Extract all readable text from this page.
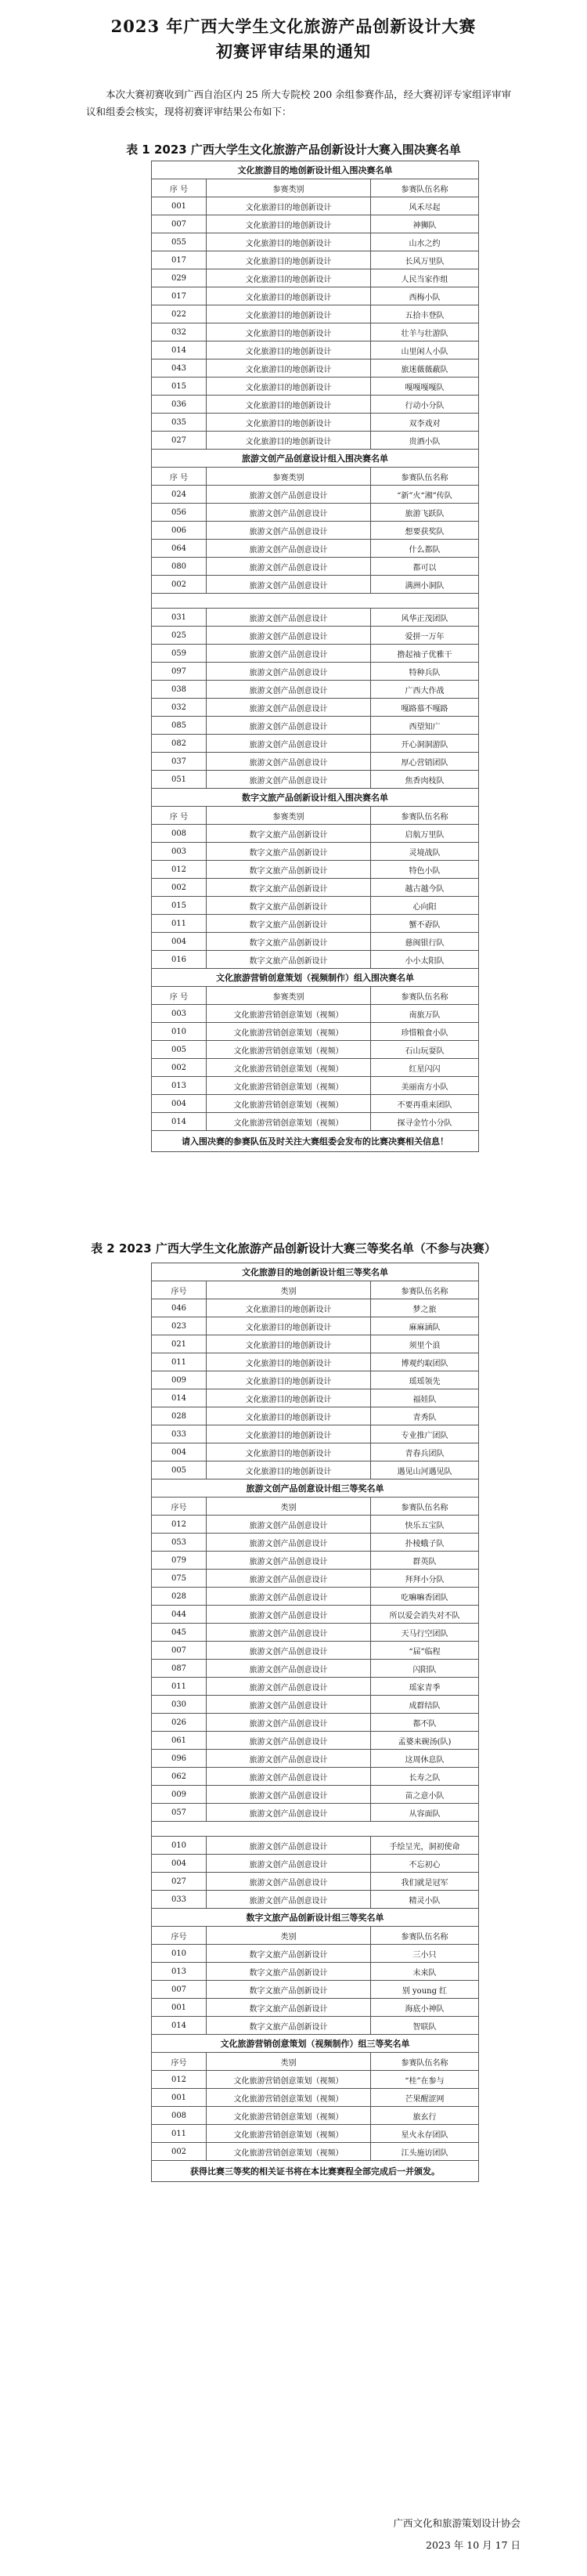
2023 年广西大学生文化旅游产品创新设计大赛
初赛评审结果的通知
本次大赛初赛收到广西自治区内 25 所大专院校 200 余组参赛作品，经大赛初评专家组评审审议和组委会核实，现将初赛评审结果公布如下：
表 1 2023 广西大学生文化旅游产品创新设计大赛入围决赛名单
文化旅游目的地创新设计组入围决赛名单		
序 号	参赛类别	参赛队伍名称
001	文化旅游目的地创新设计	风禾尽起
007	文化旅游目的地创新设计	神狮队
055	文化旅游目的地创新设计	山水之约
017	文化旅游目的地创新设计	长风万里队
029	文化旅游目的地创新设计	人民当家作组
017	文化旅游目的地创新设计	西梅小队
022	文化旅游目的地创新设计	五拾丰登队
032	文化旅游目的地创新设计	壮羊与壮游队
014	文化旅游目的地创新设计	山里闲人小队
043	文化旅游目的地创新设计	旅迷薇薇蔽队
015	文化旅游目的地创新设计	嘎嘎嘎嘎队
036	文化旅游目的地创新设计	行动小分队
035	文化旅游目的地创新设计	双李戏对
027	文化旅游目的地创新设计	贵酒小队
旅游文创产品创意设计组入围决赛名单		
序 号	参赛类别	参赛队伍名称
024	旅游文创产品创意设计	“新”火“湘”传队
056	旅游文创产品创意设计	旅游飞跃队
006	旅游文创产品创意设计	想要获奖队
064	旅游文创产品创意设计	什么都队
080	旅游文创产品创意设计	都可以
002	旅游文创产品创意设计	满洲小洞队

031	旅游文创产品创意设计	风华正茂团队
025	旅游文创产品创意设计	爱拼一万年
059	旅游文创产品创意设计	撸起袖子优雅干
097	旅游文创产品创意设计	特种兵队
038	旅游文创产品创意设计	广西大作战
032	旅游文创产品创意设计	嘎路慕不嘎路
085	旅游文创产品创意设计	西望知广
082	旅游文创产品创意设计	开心洞洞游队
037	旅游文创产品创意设计	厚心营销团队
051	旅游文创产品创意设计	焦香肉枝队
数字文旅产品创新设计组入围决赛名单		
序 号	参赛类别	参赛队伍名称
008	数字文旅产品创新设计	启航万里队
003	数字文旅产品创新设计	灵境战队
012	数字文旅产品创新设计	特色小队
002	数字文旅产品创新设计	越古越今队
015	数字文旅产品创新设计	心向阳
011	数字文旅产品创新设计	蟹不孬队
004	数字文旅产品创新设计	慈闽银行队
016	数字文旅产品创新设计	小小太阳队
文化旅游营销创意策划（视频制作）组入围决赛名单		
序 号	参赛类别	参赛队伍名称
003	文化旅游营销创意策划（视频）	南旅万队
010	文化旅游营销创意策划（视频）	珍惜粮食小队
005	文化旅游营销创意策划（视频）	石山玩耍队
002	文化旅游营销创意策划（视频）	红星闪闪
013	文化旅游营销创意策划（视频）	美丽南方小队
004	文化旅游营销创意策划（视频）	不要再重来团队
014	文化旅游营销创意策划（视频）	探寻金竹小分队
请入围决赛的参赛队伍及时关注大赛组委会发布的比赛决赛相关信息！		
表 2 2023 广西大学生文化旅游产品创新设计大赛三等奖名单（不参与决赛）
文化旅游目的地创新设计组三等奖名单		
序号	类别	参赛队伍名称
046	文化旅游目的地创新设计	梦之旅
023	文化旅游目的地创新设计	麻麻涵队
021	文化旅游目的地创新设计	须里个浪
011	文化旅游目的地创新设计	博观约取团队
009	文化旅游目的地创新设计	瑶瑶领先
014	文化旅游目的地创新设计	福娃队
028	文化旅游目的地创新设计	青秀队
033	文化旅游目的地创新设计	专业推广团队
004	文化旅游目的地创新设计	青春兵团队
005	文化旅游目的地创新设计	遇见山河遇见队
旅游文创产品创意设计组三等奖名单		
序号	类别	参赛队伍名称
012	旅游文创产品创意设计	快乐五宝队
053	旅游文创产品创意设计	扑棱蛾子队
079	旅游文创产品创意设计	群英队
075	旅游文创产品创意设计	拜拜小分队
028	旅游文创产品创意设计	吃嘛嘛香团队
044	旅游文创产品创意设计	所以爱会消失对不队
045	旅游文创产品创意设计	天马行空团队
007	旅游文创产品创意设计	“届”临程
087	旅游文创产品创意设计	闪阳队
011	旅游文创产品创意设计	瑶家青季
030	旅游文创产品创意设计	成群结队
026	旅游文创产品创意设计	都不队
061	旅游文创产品创意设计	孟婆来碗汤(队)
096	旅游文创产品创意设计	这周休息队
062	旅游文创产品创意设计	长寿之队
009	旅游文创产品创意设计	苗之意小队
057	旅游文创产品创意设计	从容面队

010	旅游文创产品创意设计	手绘呈光，洞初使命
004	旅游文创产品创意设计	不忘初心
027	旅游文创产品创意设计	我们就是冠军
033	旅游文创产品创意设计	精灵小队
数字文旅产品创新设计组三等奖名单		
序号	类别	参赛队伍名称
010	数字文旅产品创新设计	三小只
013	数字文旅产品创新设计	未来队
007	数字文旅产品创新设计	别 young 红
001	数字文旅产品创新设计	海底小神队
014	数字文旅产品创新设计	智联队
文化旅游营销创意策划（视频制作）组三等奖名单		
序号	类别	参赛队伍名称
012	文化旅游营销创意策划（视频）	“桂”在参与
001	文化旅游营销创意策划（视频）	芒果醒涩网
008	文化旅游营销创意策划（视频）	旅玄行
011	文化旅游营销创意策划（视频）	星火永存团队
002	文化旅游营销创意策划（视频）	江头施访团队
获得比赛三等奖的相关证书将在本比赛赛程全部完成后一并颁发。		
广西文化和旅游策划设计协会
2023 年 10 月 17 日
